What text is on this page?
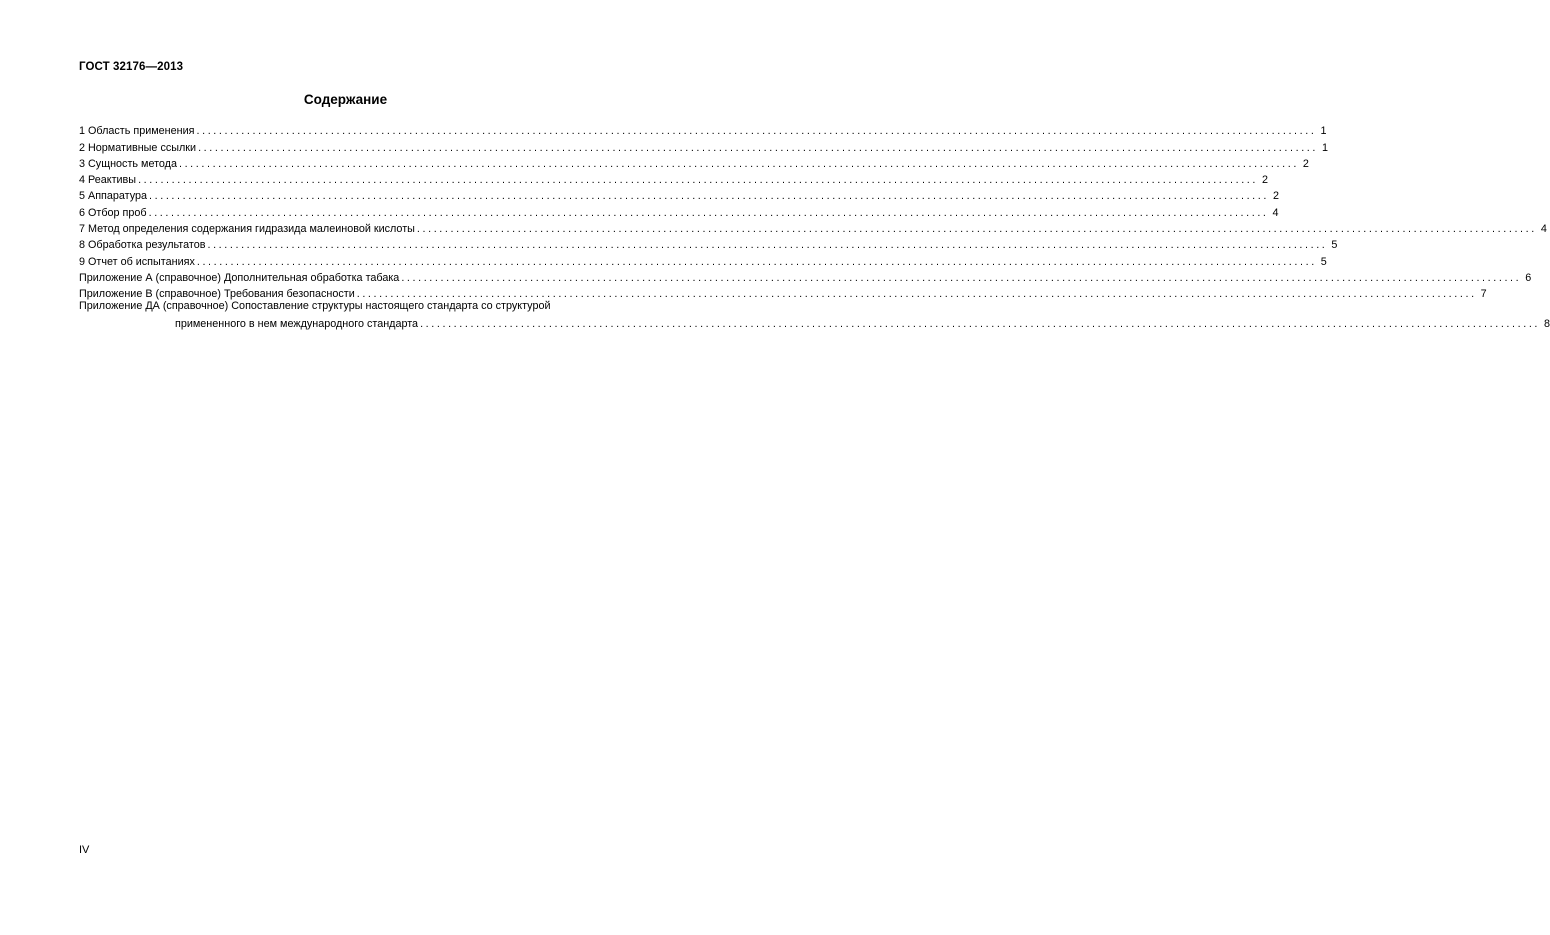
ГОСТ 32176—2013
Содержание
1 Область применения ........................................................................................................................................................................................................ 1
2 Нормативные ссылки ........................................................................................................................................................................................................ 1
3 Сущность метода ........................................................................................................................................................................................................ 2
4 Реактивы ........................................................................................................................................................................................................ 2
5 Аппаратура ........................................................................................................................................................................................................ 2
6 Отбор проб ........................................................................................................................................................................................................ 4
7 Метод определения содержания гидразида малеиновой кислоты ........................................................................................................................................................................................................ 4
8 Обработка результатов ........................................................................................................................................................................................................ 5
9 Отчет об испытаниях ........................................................................................................................................................................................................ 5
Приложение А (справочное) Дополнительная обработка табака ........................................................................................................................................................................................................ 6
Приложение В (справочное) Требования безопасности ........................................................................................................................................................................................................ 7
Приложение ДА (справочное) Сопоставление структуры настоящего стандарта со структурой
примененного в нем международного стандарта ........................................................................................................................................................................................................ 8
IV
